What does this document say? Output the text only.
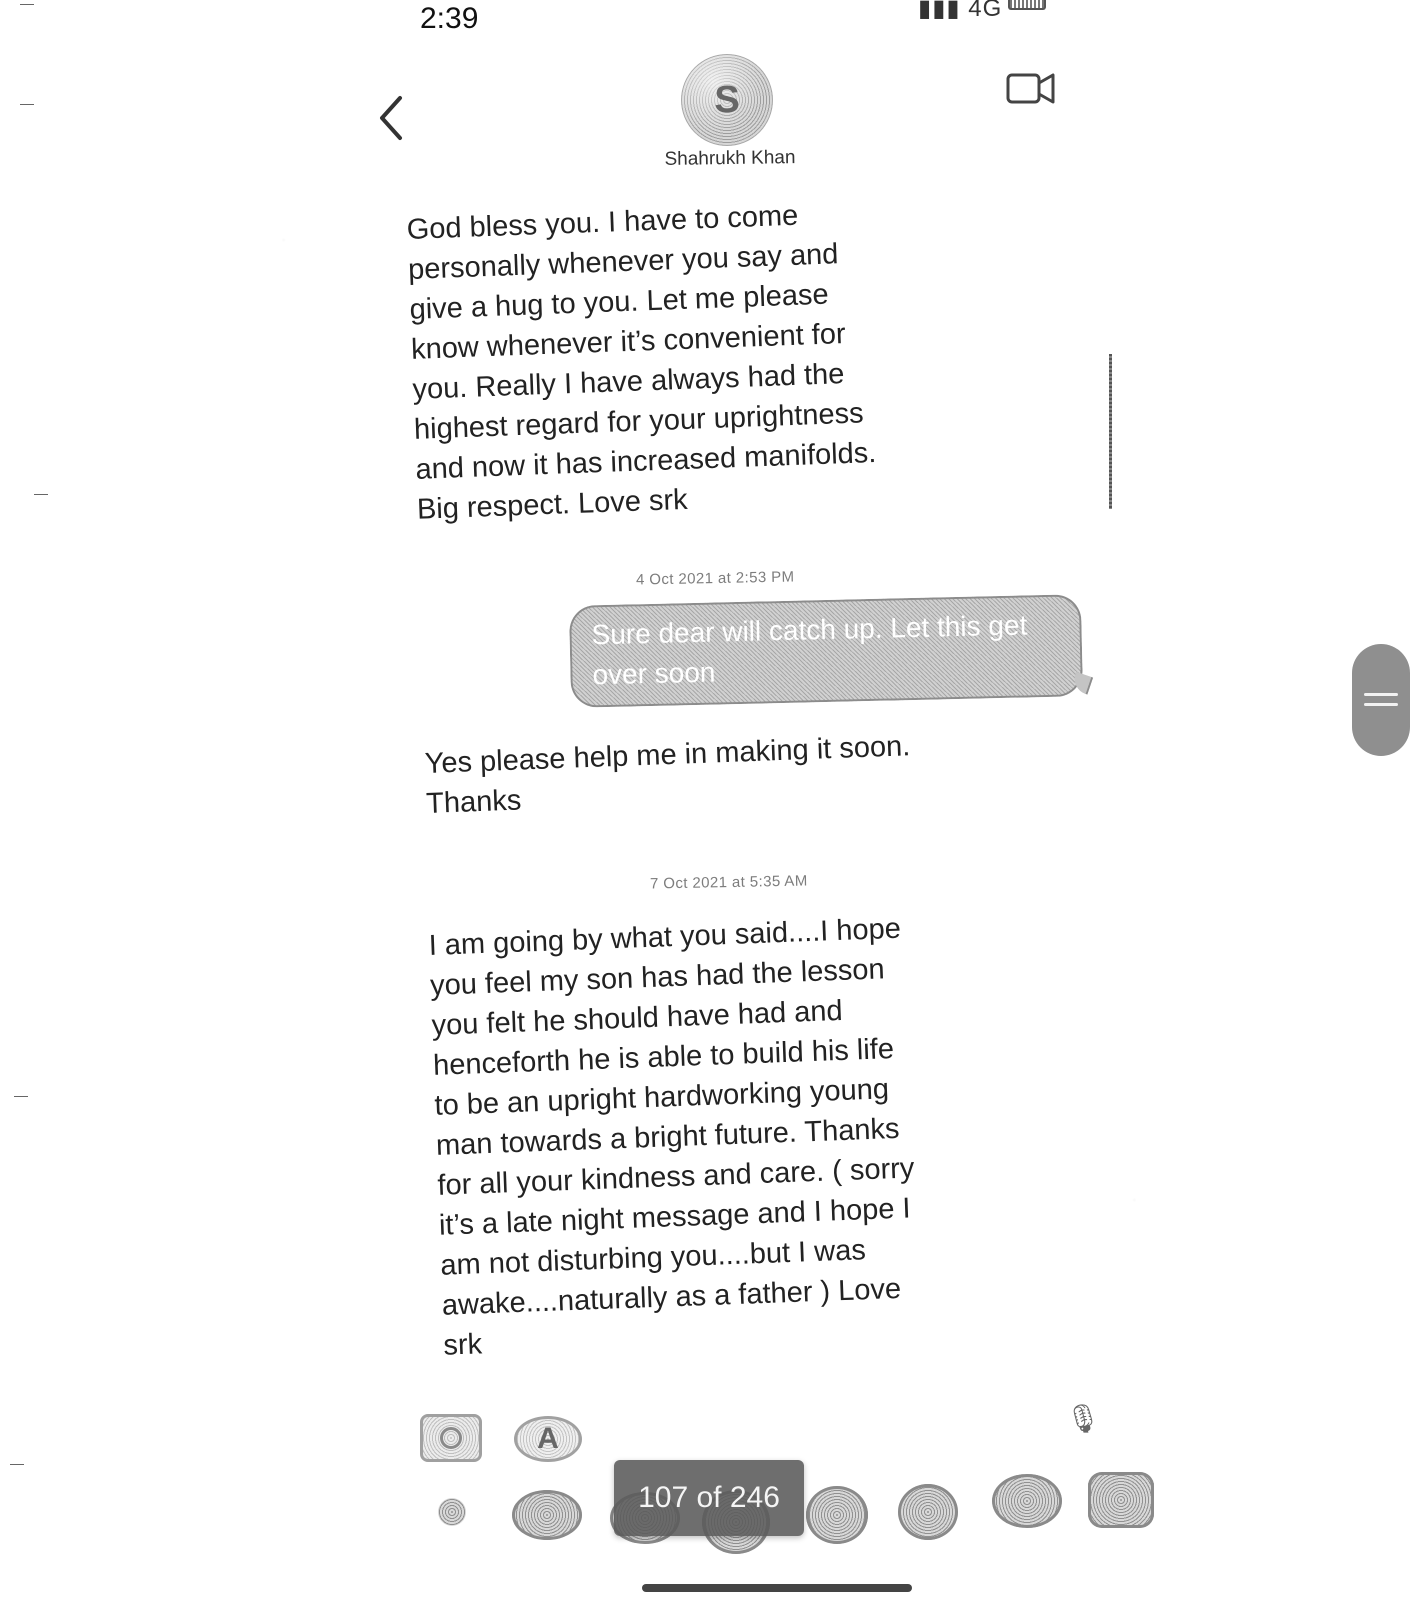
2:39	▮▮▮ 4G
S
Shahrukh Khan

God bless you. I have to come
personally whenever you say and
give a hug to you. Let me please
know whenever it’s convenient for
you. Really I have always had the
highest regard for your uprightness
and now it has increased manifolds.
Big respect. Love srk

4 Oct 2021 at 2:53 PM
Sure dear will catch up. Let this get over soon

Yes please help me in making it soon.
Thanks

7 Oct 2021 at 5:35 AM

I am going by what you said....I hope
you feel my son has had the lesson
you felt he should have had and
henceforth he is able to build his life
to be an upright hardworking young
man towards a bright future. Thanks
for all your kindness and care. ( sorry
it’s a late night message and I hope I
am not disturbing you....but I was
awake....naturally as a father ) Love
srk

A
🎙
107 of 246
